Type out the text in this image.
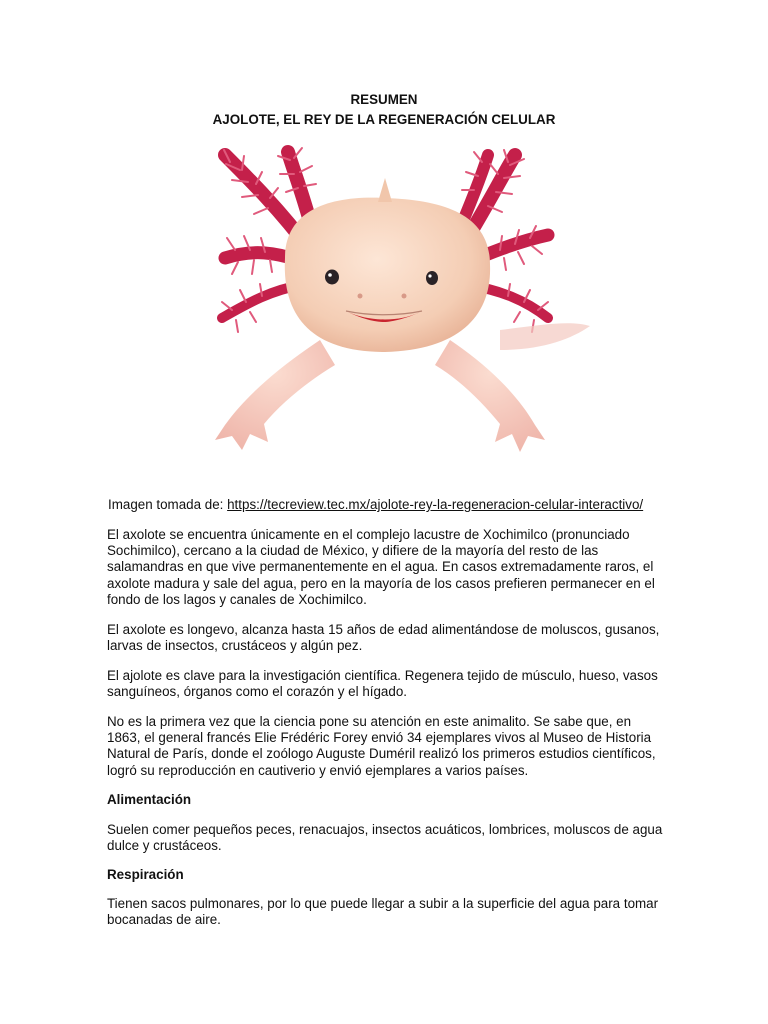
RESUMEN
AJOLOTE, EL REY DE LA REGENERACIÓN CELULAR
Imagen tomada de: https://tecreview.tec.mx/ajolote-rey-la-regeneracion-celular-interactivo/

El axolote se encuentra únicamente en el complejo lacustre de Xochimilco (pronunciado Sochimilco), cercano a la ciudad de México, y difiere de la mayoría del resto de las salamandras en que vive permanentemente en el agua. En casos extremadamente raros, el axolote madura y sale del agua, pero en la mayoría de los casos prefieren permanecer en el fondo de los lagos y canales de Xochimilco.

El axolote es longevo, alcanza hasta 15 años de edad alimentándose de moluscos, gusanos, larvas de insectos, crustáceos y algún pez.

El ajolote es clave para la investigación científica. Regenera tejido de músculo, hueso, vasos sanguíneos, órganos como el corazón y el hígado.

No es la primera vez que la ciencia pone su atención en este animalito. Se sabe que, en 1863, el general francés Elie Frédéric Forey envió 34 ejemplares vivos al Museo de Historia Natural de París, donde el zoólogo Auguste Duméril realizó los primeros estudios científicos, logró su reproducción en cautiverio y envió ejemplares a varios países.

Alimentación

Suelen comer pequeños peces, renacuajos, insectos acuáticos, lombrices, moluscos de agua dulce y crustáceos.

Respiración

Tienen sacos pulmonares, por lo que puede llegar a subir a la superficie del agua para tomar bocanadas de aire.
